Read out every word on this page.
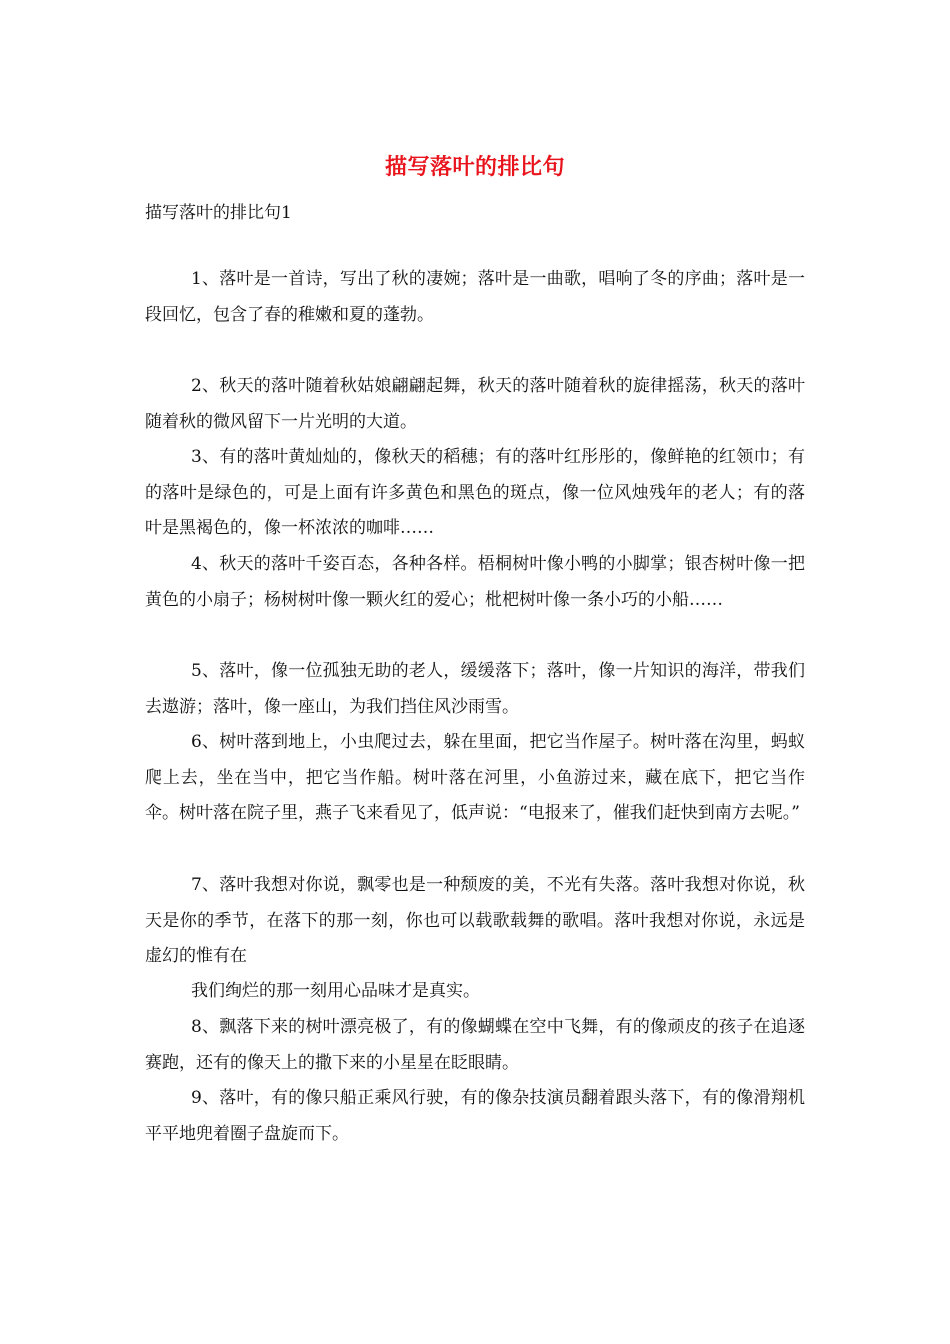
描写落叶的排比句
描写落叶的排比句1

1、落叶是一首诗，写出了秋的凄婉；落叶是一曲歌，唱响了冬的序曲；落叶是一段回忆，包含了春的稚嫩和夏的蓬勃。

2、秋天的落叶随着秋姑娘翩翩起舞，秋天的落叶随着秋的旋律摇荡，秋天的落叶随着秋的微风留下一片光明的大道。

3、有的落叶黄灿灿的，像秋天的稻穗；有的落叶红彤彤的，像鲜艳的红领巾；有的落叶是绿色的，可是上面有许多黄色和黑色的斑点，像一位风烛残年的老人；有的落叶是黑褐色的，像一杯浓浓的咖啡……

4、秋天的落叶千姿百态，各种各样。梧桐树叶像小鸭的小脚掌；银杏树叶像一把黄色的小扇子；杨树树叶像一颗火红的爱心；枇杷树叶像一条小巧的小船……

5、落叶，像一位孤独无助的老人，缓缓落下；落叶，像一片知识的海洋，带我们去遨游；落叶，像一座山，为我们挡住风沙雨雪。

6、树叶落到地上，小虫爬过去，躲在里面，把它当作屋子。树叶落在沟里，蚂蚁爬上去，坐在当中，把它当作船。树叶落在河里，小鱼游过来，藏在底下，把它当作伞。树叶落在院子里，燕子飞来看见了，低声说：“电报来了，催我们赶快到南方去呢。”

7、落叶我想对你说，飘零也是一种颓废的美，不光有失落。落叶我想对你说，秋天是你的季节，在落下的那一刻，你也可以载歌载舞的歌唱。落叶我想对你说，永远是虚幻的惟有在

我们绚烂的那一刻用心品味才是真实。

8、飘落下来的树叶漂亮极了，有的像蝴蝶在空中飞舞，有的像顽皮的孩子在追逐赛跑，还有的像天上的撒下来的小星星在眨眼睛。

9、落叶，有的像只船正乘风行驶，有的像杂技演员翻着跟头落下，有的像滑翔机平平地兜着圈子盘旋而下。
